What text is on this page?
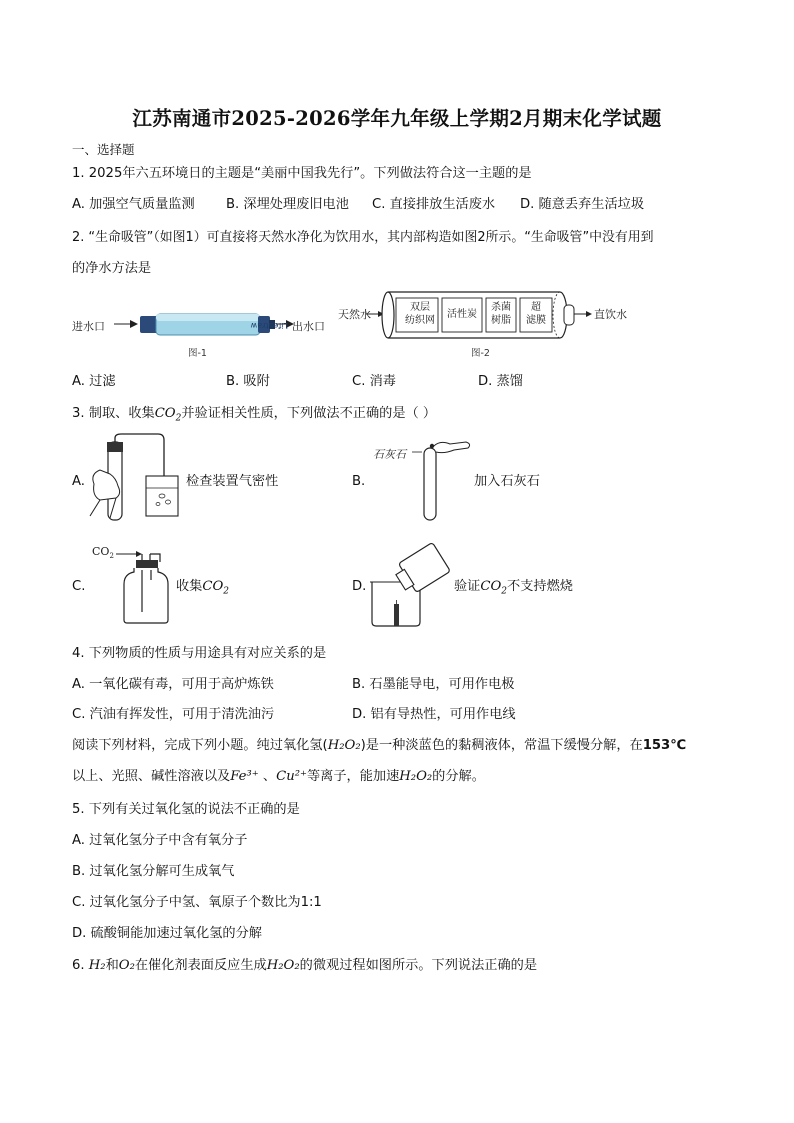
江苏南通市2025-2026学年九年级上学期2月期末化学试题
一、选择题
1. 2025年六五环境日的主题是“美丽中国我先行”。下列做法符合这一主题的是
A. 加强空气质量监测 B. 深埋处理废旧电池 C. 直接排放生活废水 D. 随意丢弃生活垃圾
2. “生命吸管”（如图1）可直接将天然水净化为饮用水，其内部构造如图2所示。“生命吸管”中没有用到
的净水方法是
进水口	LifeStraw 出水口
图-1
天然水
双层
纺织网
活性炭
杀菌
树脂
超
滤膜	直饮水
图-2
A. 过滤	B. 吸附	C. 消毒	D. 蒸馏
3. 制取、收集$CO_2$并验证相关性质，下列做法不正确的是（ ）
A.	检查装置气密性	B.
石灰石
加入石灰石
C.
$CO_2$
收集$CO_2$	D.	验证$CO_2$不支持燃烧
4. 下列物质的性质与用途具有对应关系的是
A. 一氧化碳有毒，可用于高炉炼铁	B. 石墨能导电，可用作电极
C. 汽油有挥发性，可用于清洗油污	D. 铝有导热性，可用作电线
阅读下列材料，完成下列小题。纯过氧化氢(H₂O₂)是一种淡蓝色的黏稠液体，常温下缓慢分解，在153℃
以上、光照、碱性溶液以及Fe³⁺ 、Cu²⁺等离子，能加速H₂O₂的分解。
5. 下列有关过氧化氢的说法不正确的是
A. 过氧化氢分子中含有氧分子
B. 过氧化氢分解可生成氧气
C. 过氧化氢分子中氢、氧原子个数比为1:1
D. 硫酸铜能加速过氧化氢的分解
6. H₂和O₂在催化剂表面反应生成H₂O₂的微观过程如图所示。下列说法正确的是
